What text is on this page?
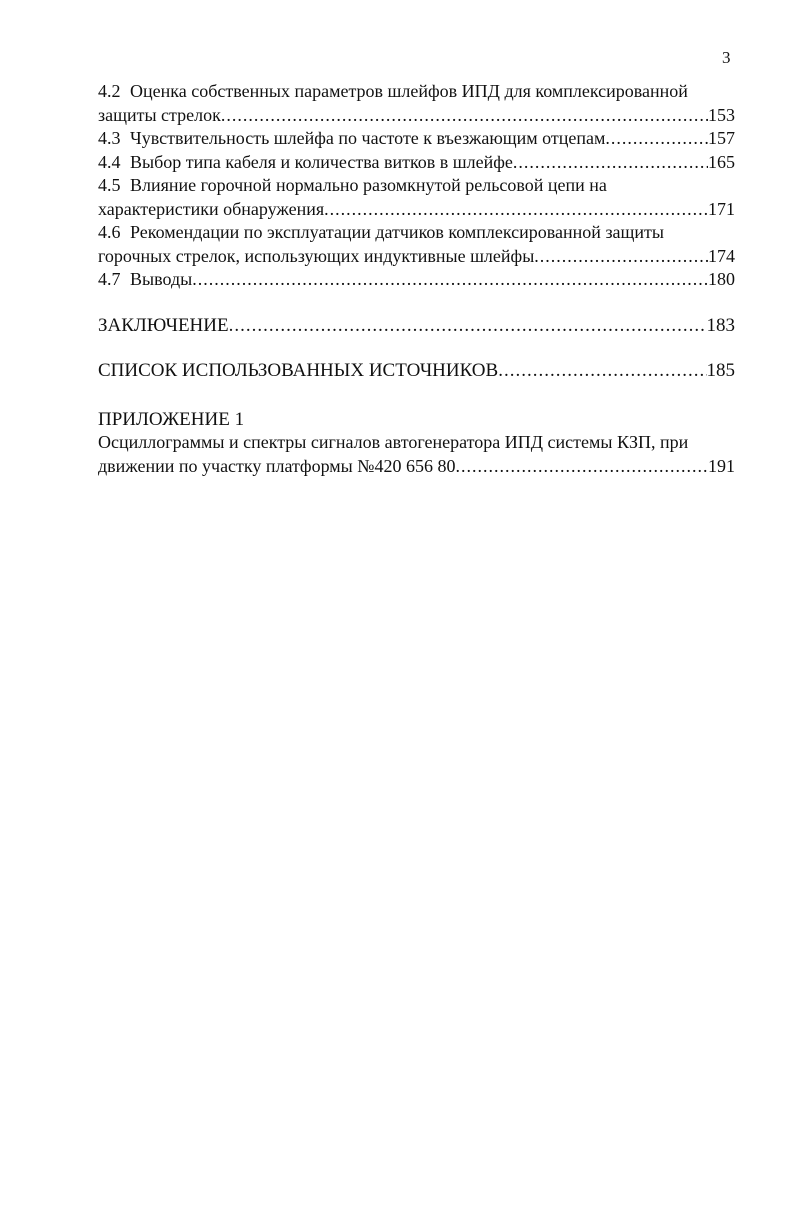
3
4.2 Оценка собственных параметров шлейфов ИПД для комплексированной
защиты стрелок .....	153
4.3 Чувствительность шлейфа по частоте к въезжающим отцепам .....	157
4.4 Выбор типа кабеля и количества витков в шлейфе .....	165
4.5 Влияние горочной нормально разомкнутой рельсовой цепи на
характеристики обнаружения .....	171
4.6 Рекомендации по эксплуатации датчиков комплексированной защиты
горочных стрелок, использующих индуктивные шлейфы .....	174
4.7 Выводы .....	180
ЗАКЛЮЧЕНИЕ .....	183
СПИСОК ИСПОЛЬЗОВАННЫХ ИСТОЧНИКОВ .....	185
ПРИЛОЖЕНИЕ 1
Осциллограммы и спектры сигналов автогенератора ИПД системы КЗП, при
движении по участку платформы №420 656 80 .....	191
